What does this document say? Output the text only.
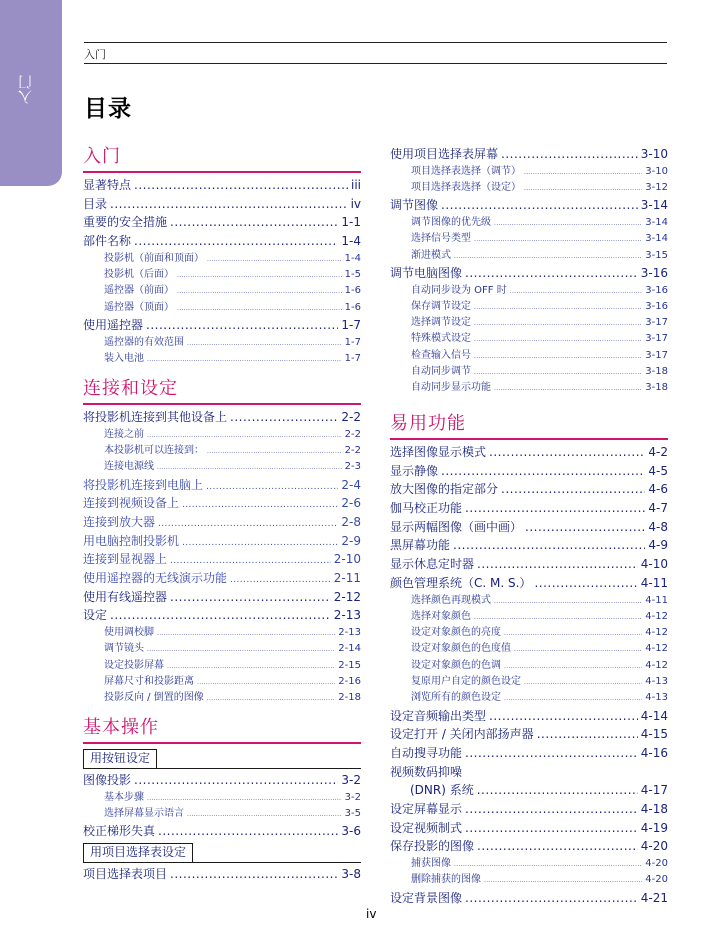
入门
入门
目录
入门
显著特点 .....	iii
目录 .....	iv
重要的安全措施 .....	1-1
部件名称 .....	1-4
投影机（前面和顶面） .....	1-4
投影机（后面） .....	1-5
遥控器（前面） .....	1-6
遥控器（顶面） .....	1-6
使用遥控器 .....	1-7
遥控器的有效范围 .....	1-7
装入电池 .....	1-7
连接和设定
将投影机连接到其他设备上 .....	2-2
连接之前 .....	2-2
本投影机可以连接到： .....	2-2
连接电源线 .....	2-3
将投影机连接到电脑上 .....	2-4
连接到视频设备上 .....	2-6
连接到放大器 .....	2-8
用电脑控制投影机 .....	2-9
连接到显视器上 .....	2-10
使用遥控器的无线演示功能 .....	2-11
使用有线遥控器 .....	2-12
设定 .....	2-13
使用调校脚 .....	2-13
调节镜头 .....	2-14
设定投影屏幕 .....	2-15
屏幕尺寸和投影距离 .....	2-16
投影反向 / 倒置的图像 .....	2-18
基本操作
用按钮设定
图像投影 .....	3-2
基本步骤 .....	3-2
选择屏幕显示语言 .....	3-5
校正梯形失真 .....	3-6
用项目选择表设定
项目选择表项目 .....	3-8
使用项目选择表屏幕 .....	3-10
项目选择表选择（调节） .....	3-10
项目选择表选择（设定） .....	3-12
调节图像 .....	3-14
调节图像的优先级 .....	3-14
选择信号类型 .....	3-14
渐进模式 .....	3-15
调节电脑图像 .....	3-16
自动同步设为 OFF 时 .....	3-16
保存调节设定 .....	3-16
选择调节设定 .....	3-17
特殊模式设定 .....	3-17
检查输入信号 .....	3-17
自动同步调节 .....	3-18
自动同步显示功能 .....	3-18
易用功能
选择图像显示模式 .....	4-2
显示静像 .....	4-5
放大图像的指定部分 .....	4-6
伽马校正功能 .....	4-7
显示两幅图像（画中画） .....	4-8
黑屏幕功能 .....	4-9
显示休息定时器 .....	4-10
颜色管理系统（C. M. S.） .....	4-11
选择颜色再现模式 .....	4-11
选择对象颜色 .....	4-12
设定对象颜色的亮度 .....	4-12
设定对象颜色的色度值 .....	4-12
设定对象颜色的色调 .....	4-12
复原用户自定的颜色设定 .....	4-13
浏览所有的颜色设定 .....	4-13
设定音频输出类型 .....	4-14
设定打开 / 关闭内部扬声器 .....	4-15
自动搜寻功能 .....	4-16
视频数码抑噪
(DNR) 系统 .....	4-17
设定屏幕显示 .....	4-18
设定视频制式 .....	4-19
保存投影的图像 .....	4-20
捕获图像 .....	4-20
删除捕获的图像 .....	4-20
设定背景图像 .....	4-21
iv
